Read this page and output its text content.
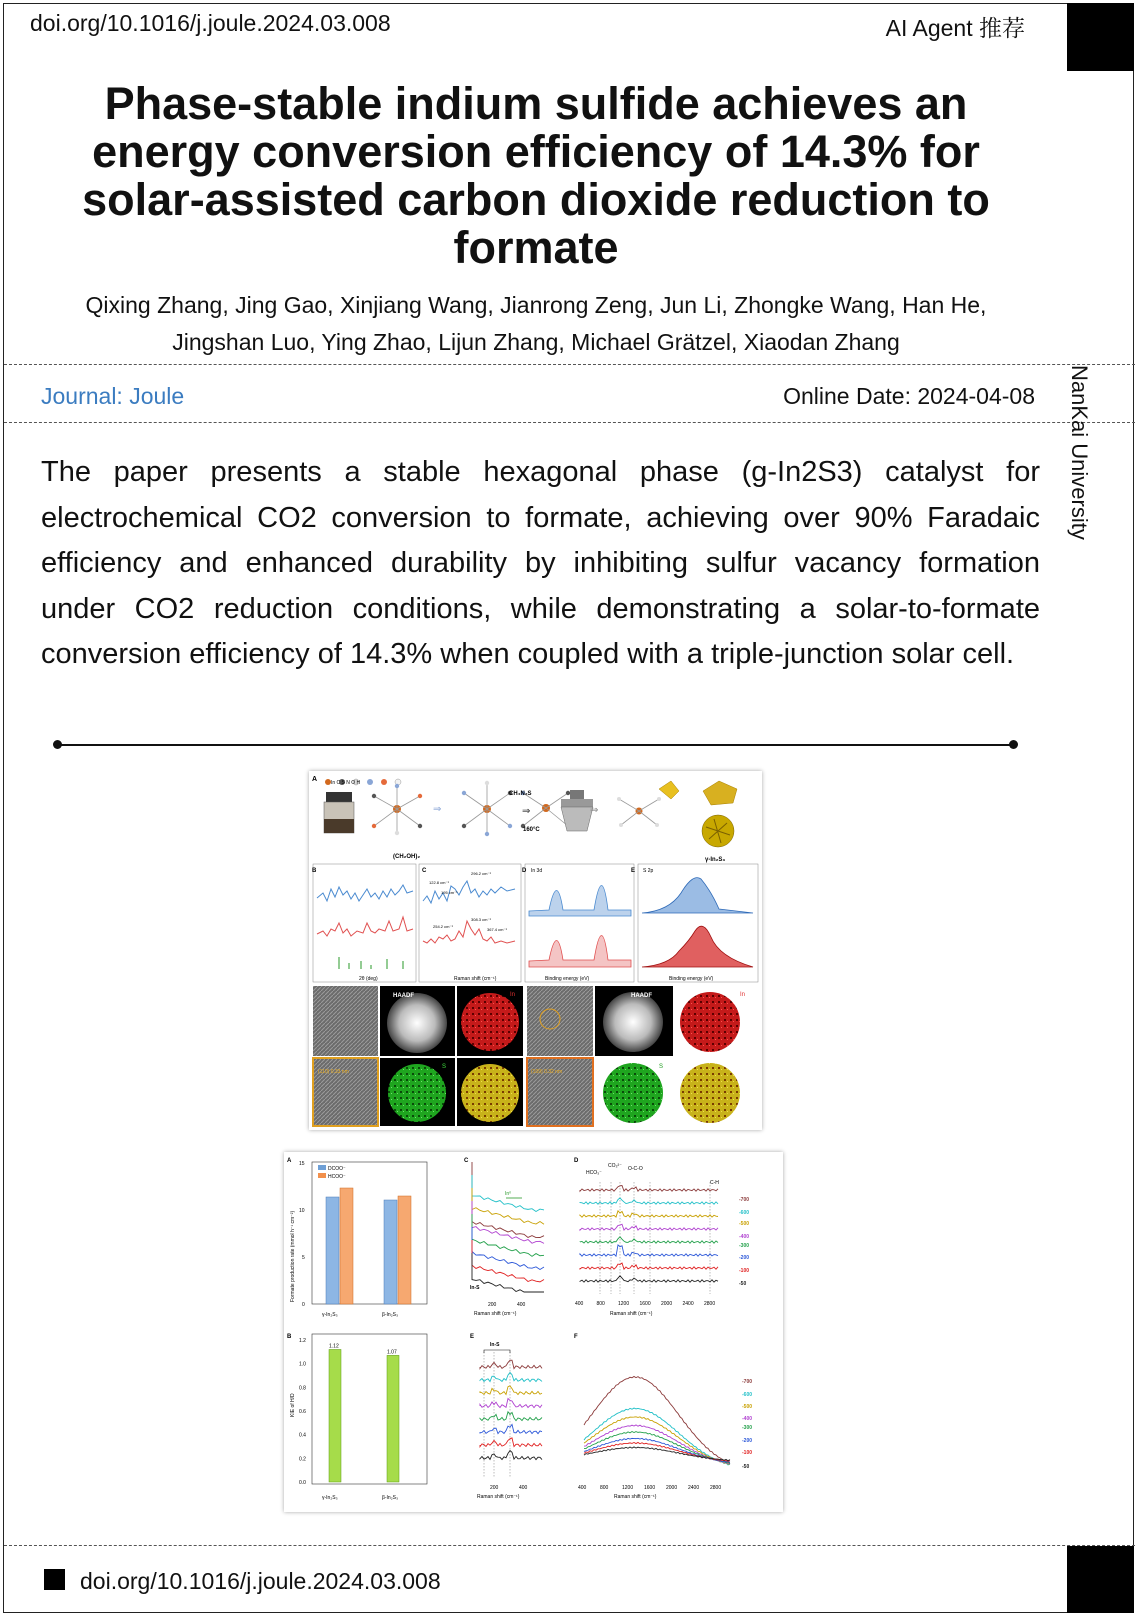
doi.org/10.1016/j.joule.2024.03.008	AI Agent 推荐
Phase-stable indium sulfide achieves an energy conversion efficiency of 14.3% for solar-assisted carbon dioxide reduction to formate
Qixing Zhang, Jing Gao, Xinjiang Wang, Jianrong Zeng, Jun Li, Zhongke Wang, Han He,
Jingshan Luo, Ying Zhao, Lijun Zhang, Michael Grätzel, Xiaodan Zhang
Journal: Joule	Online Date: 2024-04-08 NanKai University
The paper presents a stable hexagonal phase (g-In2S3) catalyst for electrochemical CO2 conversion to formate, achieving over 90% Faradaic efficiency and enhanced durability by inhibiting sulfur vacancy formation under CO2 reduction conditions, while demonstrating a solar-to-formate conversion efficiency of 14.3% when coupled with a triple-junction solar cell.
A	In C S N O H
(CH₂OH)₂
⇒
CH₄N₂S
⇒
160°C
⇒
γ-In₂S₃
B
2θ (deg)
C
122.8 cm⁻¹
195 cm⁻¹
296.2 cm⁻¹
254.2 cm⁻¹
308.3 cm⁻¹
367.4 cm⁻¹
Raman shift (cm⁻¹)
D In 3d
Binding energy (eV)
E S 2p
Binding energy (eV)
(110) 0.33 nm
HAADF	In
S
(109) 0.32 nm
HAADF	In
S
A
Formate production rate (mmol h⁻¹ cm⁻²)
0
5
10
15
DCOO⁻
HCOO⁻
γ-In₂S₃	β-In₂S₃
B
KIE of H/D
0.0
0.2
0.4
0.6
0.8
1.0
1.2
1.12
1.07
γ-In₂S₃	β-In₂S₃
C
In⁰
In-S
200	400
Raman shift (cm⁻¹)
D
HCO₃⁻
CO₃²⁻ O-C-O
C-H
-700
-600
-500
-400
-300
-200
-100
-50
400	800	1200 1600 2000 2400 2800
Raman shift (cm⁻¹)
E
In-S
200	400
Raman shift (cm⁻¹)
F
-700
-600
-500
-400
-300
-200
-100
-50
400	800	1200 1600 2000 2400 2800
Raman shift (cm⁻¹)
doi.org/10.1016/j.joule.2024.03.008
